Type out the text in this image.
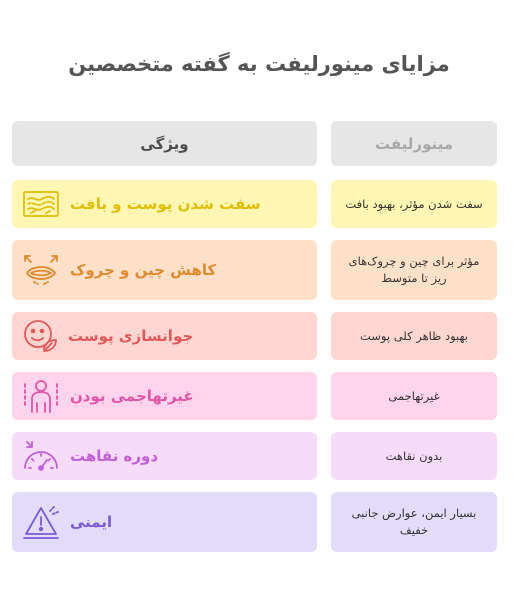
مزایای مینورلیفت به گفته متخصصین
ویژگی	مینورلیفت
سفت شدن پوست و بافت	سفت شدن مؤثر، بهبود بافت
کاهش چین و چروک	مؤثر برای چین و چروک‌های ریز تا متوسط
جوانسازی پوست	بهبود ظاهر کلی پوست
غیرتهاجمی بودن	غیرتهاجمی
دوره نقاهت	بدون نقاهت
ایمنی	بسیار ایمن، عوارض جانبی خفیف
